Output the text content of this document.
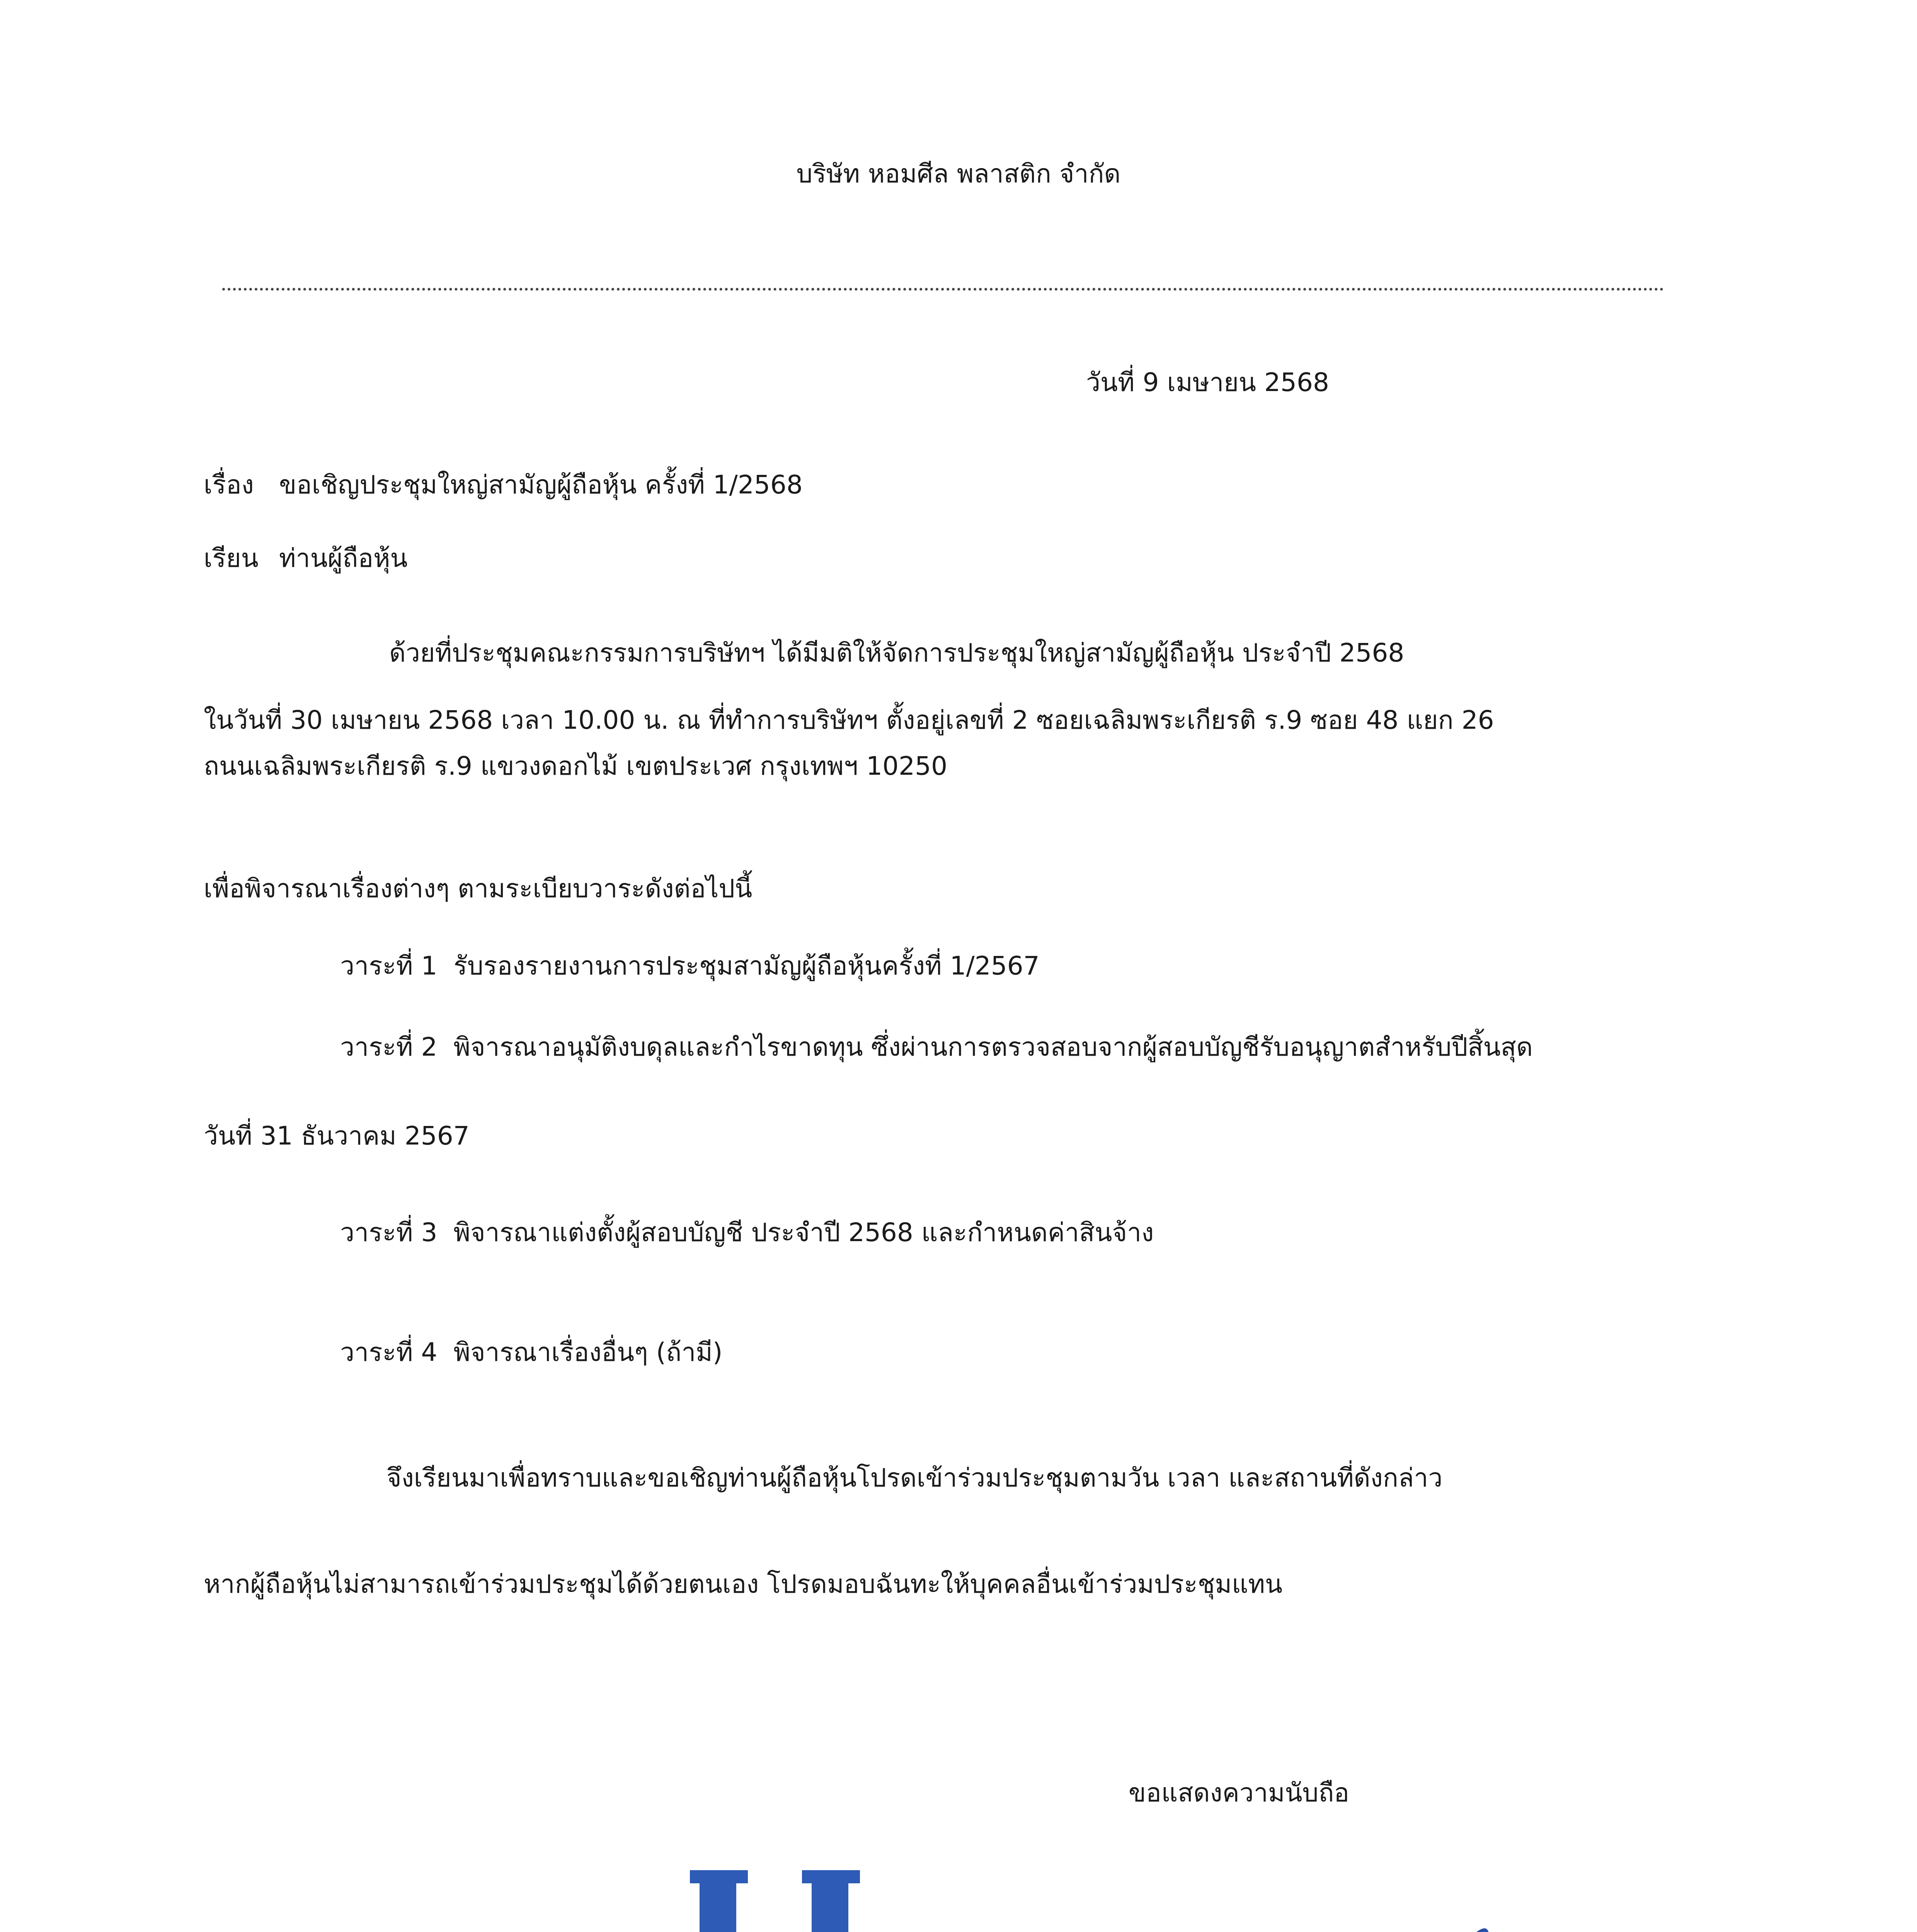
บริษัท หอมศีล พลาสติก จำกัด
วันที่ 9 เมษายน 2568
เรื่อง ขอเชิญประชุมใหญ่สามัญผู้ถือหุ้น ครั้งที่ 1/2568
เรียน ท่านผู้ถือหุ้น

ด้วยที่ประชุมคณะกรรมการบริษัทฯ ได้มีมติให้จัดการประชุมใหญ่สามัญผู้ถือหุ้น ประจำปี 2568

ในวันที่ 30 เมษายน 2568 เวลา 10.00 น. ณ ที่ทำการบริษัทฯ ตั้งอยู่เลขที่ 2 ซอยเฉลิมพระเกียรติ ร.9 ซอย 48 แยก 26

ถนนเฉลิมพระเกียรติ ร.9 แขวงดอกไม้ เขตประเวศ กรุงเทพฯ 10250

เพื่อพิจารณาเรื่องต่างๆ ตามระเบียบวาระดังต่อไปนี้
วาระที่ 1 รับรองรายงานการประชุมสามัญผู้ถือหุ้นครั้งที่ 1/2567
วาระที่ 2 พิจารณาอนุมัติงบดุลและกำไรขาดทุน ซึ่งผ่านการตรวจสอบจากผู้สอบบัญชีรับอนุญาตสำหรับปีสิ้นสุด
วันที่ 31 ธันวาคม 2567
วาระที่ 3 พิจารณาแต่งตั้งผู้สอบบัญชี ประจำปี 2568 และกำหนดค่าสินจ้าง
วาระที่ 4 พิจารณาเรื่องอื่นๆ (ถ้ามี)
จึงเรียนมาเพื่อทราบและขอเชิญท่านผู้ถือหุ้นโปรดเข้าร่วมประชุมตามวัน เวลา และสถานที่ดังกล่าว
หากผู้ถือหุ้นไม่สามารถเข้าร่วมประชุมได้ด้วยตนเอง โปรดมอบฉันทะให้บุคคลอื่นเข้าร่วมประชุมแทน
ขอแสดงความนับถือ
